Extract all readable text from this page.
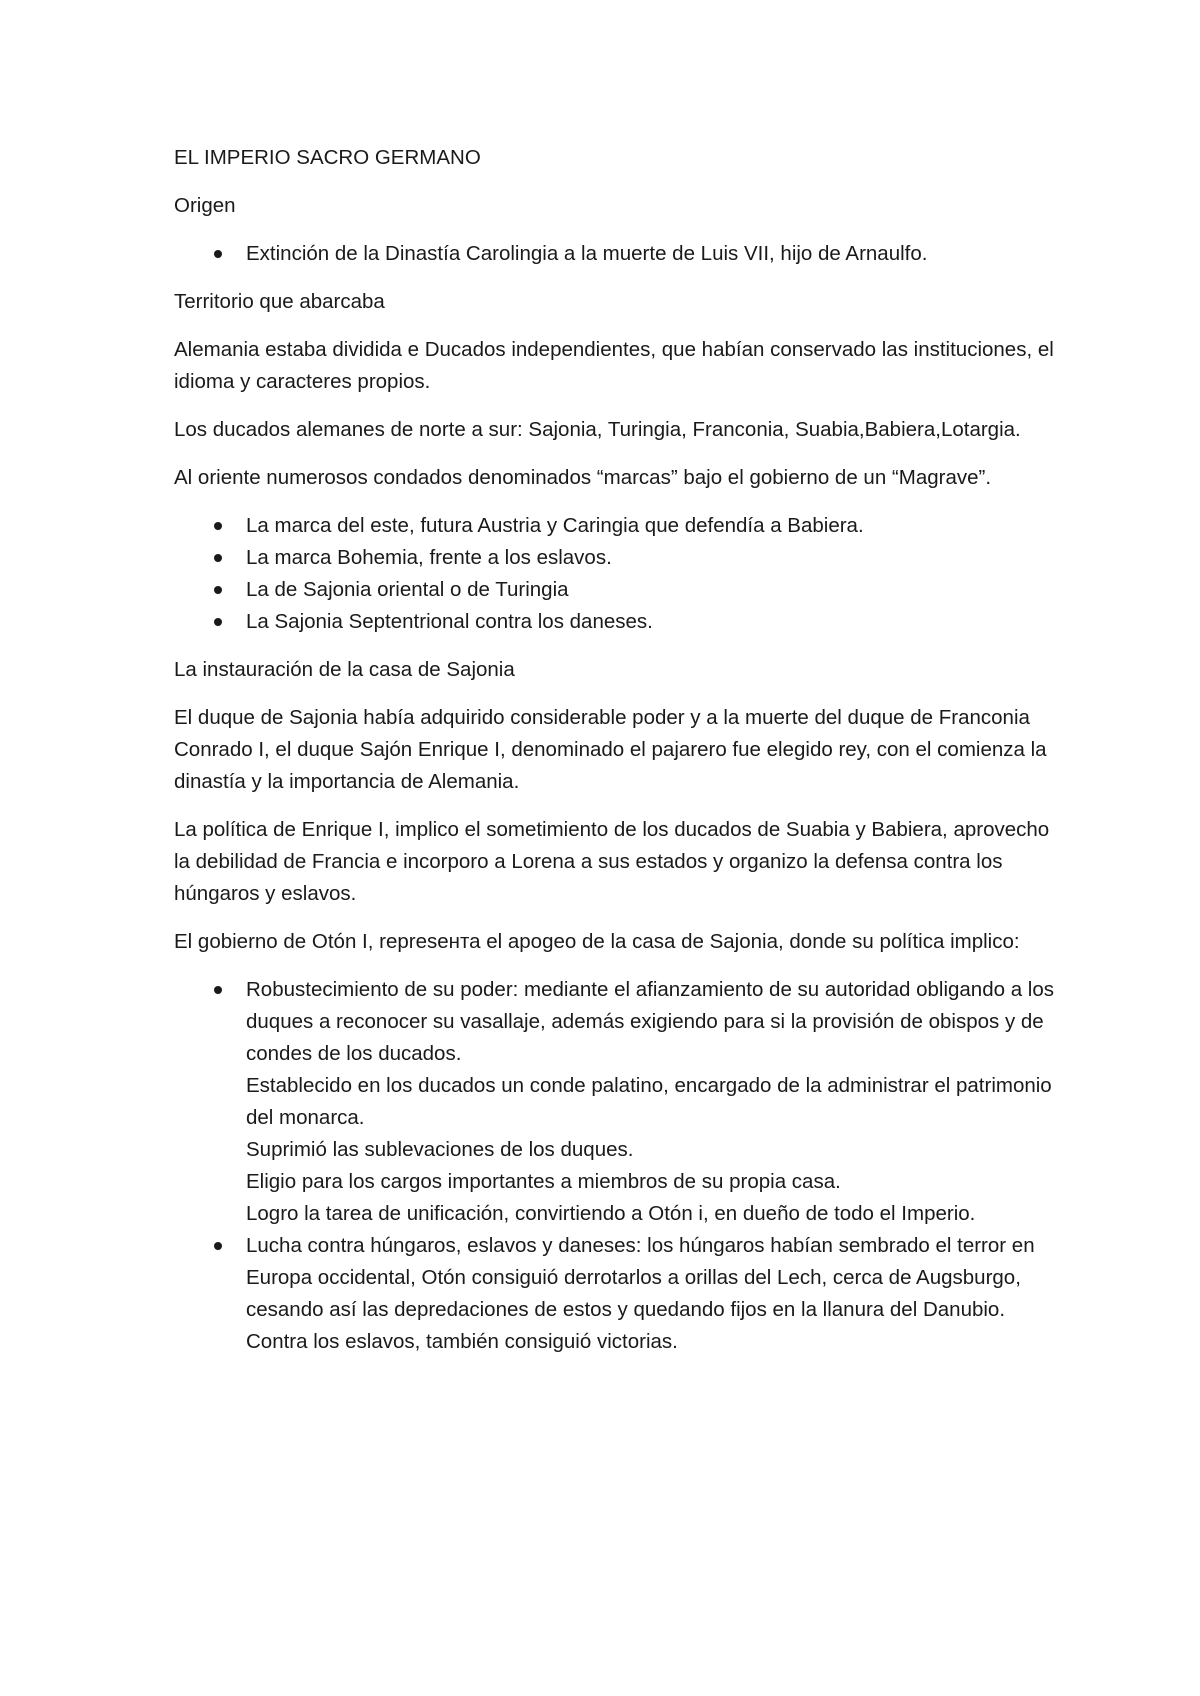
EL IMPERIO SACRO GERMANO

Origen

Extinción de la Dinastía Carolingia a la muerte de Luis VII, hijo de Arnaulfo.

Territorio que abarcaba

Alemania estaba dividida e Ducados independientes, que habían conservado las instituciones, el idioma y caracteres propios.

Los ducados alemanes de norte a sur: Sajonia, Turingia, Franconia, Suabia,Babiera,Lotargia.

Al oriente numerosos condados denominados “marcas” bajo el gobierno de un “Magrave”.

La marca del este, futura Austria y Caringia que defendía a Babiera.
La marca Bohemia, frente a los eslavos.
La de Sajonia oriental o de Turingia
La Sajonia Septentrional contra los daneses.

La instauración de la casa de Sajonia

El duque de Sajonia había adquirido considerable poder y a la muerte del duque de Franconia Conrado I, el duque Sajón Enrique I, denominado el pajarero fue elegido rey, con el comienza la dinastía y la importancia de Alemania.

La política de Enrique I, implico el sometimiento de los ducados de Suabia y Babiera, aprovecho la debilidad de Francia e incorporo a Lorena a sus estados y organizo la defensa contra los húngaros y eslavos.

El gobierno de Otón I, represента el apogeo de la casa de Sajonia, donde su política implico:

Robustecimiento de su poder: mediante el afianzamiento de su autoridad obligando a los duques a reconocer su vasallaje, además exigiendo para si la provisión de obispos y de condes de los ducados.
Establecido en los ducados un conde palatino, encargado de la administrar el patrimonio del monarca.
Suprimió las sublevaciones de los duques.
Eligio para los cargos importantes a miembros de su propia casa.
Logro la tarea de unificación, convirtiendo a Otón i, en dueño de todo el Imperio.
Lucha contra húngaros, eslavos y daneses: los húngaros habían sembrado el terror en Europa occidental, Otón consiguió derrotarlos a orillas del Lech, cerca de Augsburgo, cesando así las depredaciones de estos y quedando fijos en la llanura del Danubio.
Contra los eslavos, también consiguió victorias.
